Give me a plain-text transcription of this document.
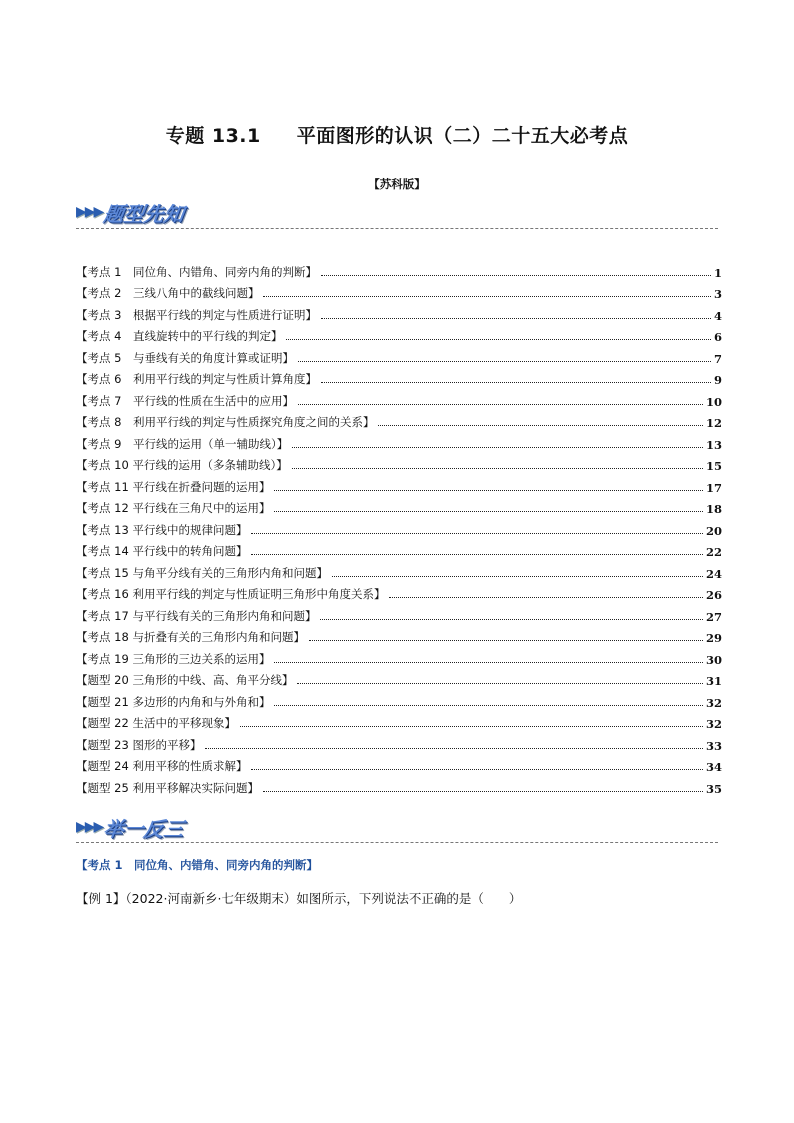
专题 13.1 平面图形的认识（二）二十五大必考点
【苏科版】
▶▶▶ 题型先知
【考点 1　同位角、内错角、同旁内角的判断】	1
【考点 2　三线八角中的截线问题】	3
【考点 3　根据平行线的判定与性质进行证明】	4
【考点 4　直线旋转中的平行线的判定】	6
【考点 5　与垂线有关的角度计算或证明】	7
【考点 6　利用平行线的判定与性质计算角度】	9
【考点 7　平行线的性质在生活中的应用】	10
【考点 8　利用平行线的判定与性质探究角度之间的关系】	12
【考点 9　平行线的运用（单一辅助线）】	13
【考点 10 平行线的运用（多条辅助线）】	15
【考点 11 平行线在折叠问题的运用】	17
【考点 12 平行线在三角尺中的运用】	18
【考点 13 平行线中的规律问题】	20
【考点 14 平行线中的转角问题】	22
【考点 15 与角平分线有关的三角形内角和问题】	24
【考点 16 利用平行线的判定与性质证明三角形中角度关系】	26
【考点 17 与平行线有关的三角形内角和问题】	27
【考点 18 与折叠有关的三角形内角和问题】	29
【考点 19 三角形的三边关系的运用】	30
【题型 20 三角形的中线、高、角平分线】	31
【题型 21 多边形的内角和与外角和】	32
【题型 22 生活中的平移现象】	32
【题型 23 图形的平移】	33
【题型 24 利用平移的性质求解】	34
【题型 25 利用平移解决实际问题】	35
▶▶▶ 举一反三
【考点 1　同位角、内错角、同旁内角的判断】
【例 1】（2022·河南新乡·七年级期末）如图所示，下列说法不正确的是（　　）
